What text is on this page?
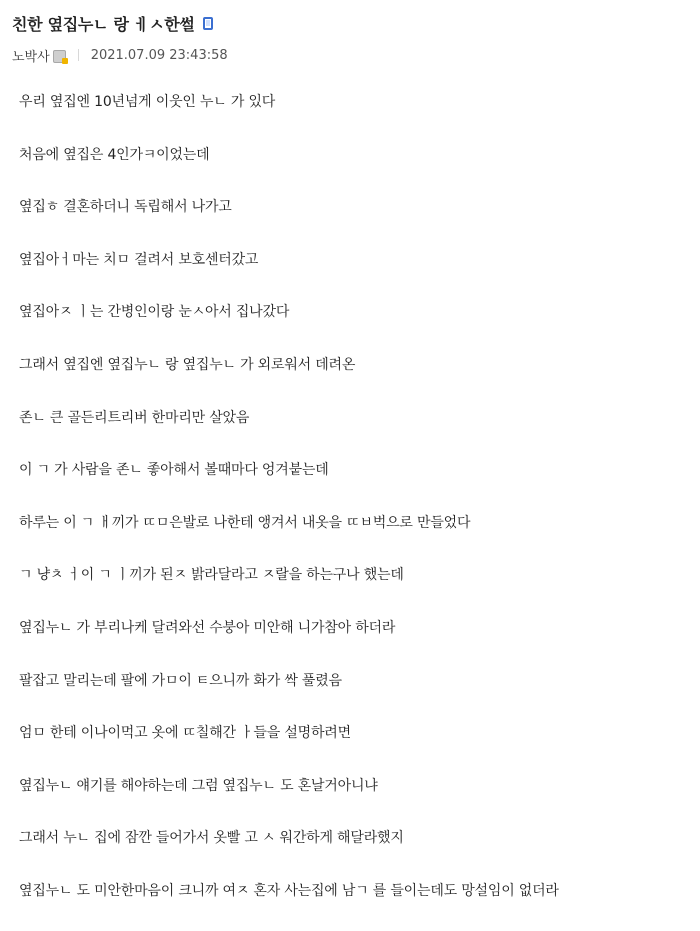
친한 옆집누ㄴ 랑 ㅔㅅ한썰
노박사	2021.07.09 23:43:58
우리 옆집엔 10년넘게 이웃인 누ㄴ 가 있다
처음에 옆집은 4인가ㅋ이었는데
옆집ㅎ 결혼하더니 독립해서 나가고
옆집아ㅓ마는 치ㅁ 걸려서 보호센터갔고
옆집아ㅈ ㅣ는 간병인이랑 눈ㅅ아서 집나갔다
그래서 옆집엔 옆집누ㄴ 랑 옆집누ㄴ 가 외로워서 데려온
존ㄴ 큰 골든리트리버 한마리만 살았음
이 ㄱ 가 사람을 존ㄴ 좋아해서 볼때마다 엉겨붙는데
하루는 이 ㄱ ㅐ끼가 ㄸㅁ은발로 나한테 앵겨서 내옷을 ㄸㅂ벅으로 만들었다
ㄱ 냥ㅊ ㅓ이 ㄱ ㅣ끼가 된ㅈ 밝라달라고 ㅈ랄을 하는구나 했는데
옆집누ㄴ 가 부리나케 달려와선 수붕아 미안해 니가참아 하더라
팔잡고 말리는데 팔에 가ㅁ이 ㅌ으니까 화가 싹 풀렸음
엄ㅁ 한테 이나이먹고 옷에 ㄸ칠해간 ㅏ들을 설명하려면
옆집누ㄴ 얘기를 해야하는데 그럼 옆집누ㄴ 도 혼날거아니냐
그래서 누ㄴ 집에 잠깐 들어가서 옷빨 고 ㅅ 워간하게 해달라했지
옆집누ㄴ 도 미안한마음이 크니까 여ㅈ 혼자 사는집에 남ㄱ 를 들이는데도 망설임이 없더라
